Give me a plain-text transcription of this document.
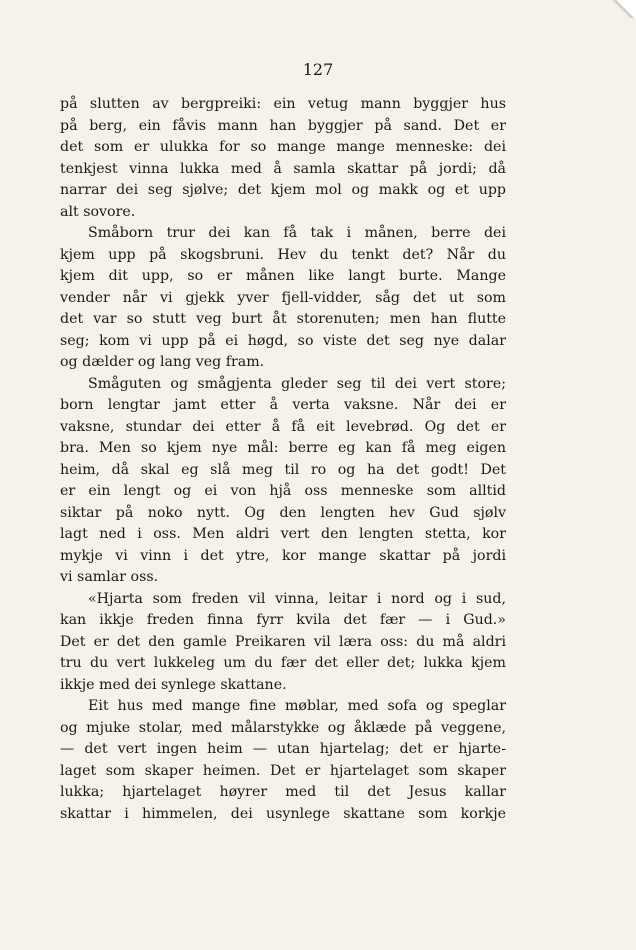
127
på slutten av bergpreiki: ein vetug mann byggjer hus
på berg, ein fåvis mann han byggjer på sand. Det er
det som er ulukka for so mange mange menneske: dei
tenkjest vinna lukka med å samla skattar på jordi; då
narrar dei seg sjølve; det kjem mol og makk og et upp
alt sovore.
Småborn trur dei kan få tak i månen, berre dei
kjem upp på skogsbruni. Hev du tenkt det? Når du
kjem dit upp, so er månen like langt burte. Mange
vender når vi gjekk yver fjell-vidder, såg det ut som
det var so stutt veg burt åt storenuten; men han flutte
seg; kom vi upp på ei høgd, so viste det seg nye dalar
og dælder og lang veg fram.
Småguten og smågjenta gleder seg til dei vert store;
born lengtar jamt etter å verta vaksne. Når dei er
vaksne, stundar dei etter å få eit levebrød. Og det er
bra. Men so kjem nye mål: berre eg kan få meg eigen
heim, då skal eg slå meg til ro og ha det godt! Det
er ein lengt og ei von hjå oss menneske som alltid
siktar på noko nytt. Og den lengten hev Gud sjølv
lagt ned i oss. Men aldri vert den lengten stetta, kor
mykje vi vinn i det ytre, kor mange skattar på jordi
vi samlar oss.
«Hjarta som freden vil vinna, leitar i nord og i sud,
kan ikkje freden finna fyrr kvila det fær — i Gud.»
Det er det den gamle Preikaren vil læra oss: du må aldri
tru du vert lukkeleg um du fær det eller det; lukka kjem
ikkje med dei synlege skattane.
Eit hus med mange fine møblar, med sofa og speglar
og mjuke stolar, med målarstykke og åklæde på veggene,
— det vert ingen heim — utan hjartelag; det er hjarte-
laget som skaper heimen. Det er hjartelaget som skaper
lukka; hjartelaget høyrer med til det Jesus kallar
skattar i himmelen, dei usynlege skattane som korkje
